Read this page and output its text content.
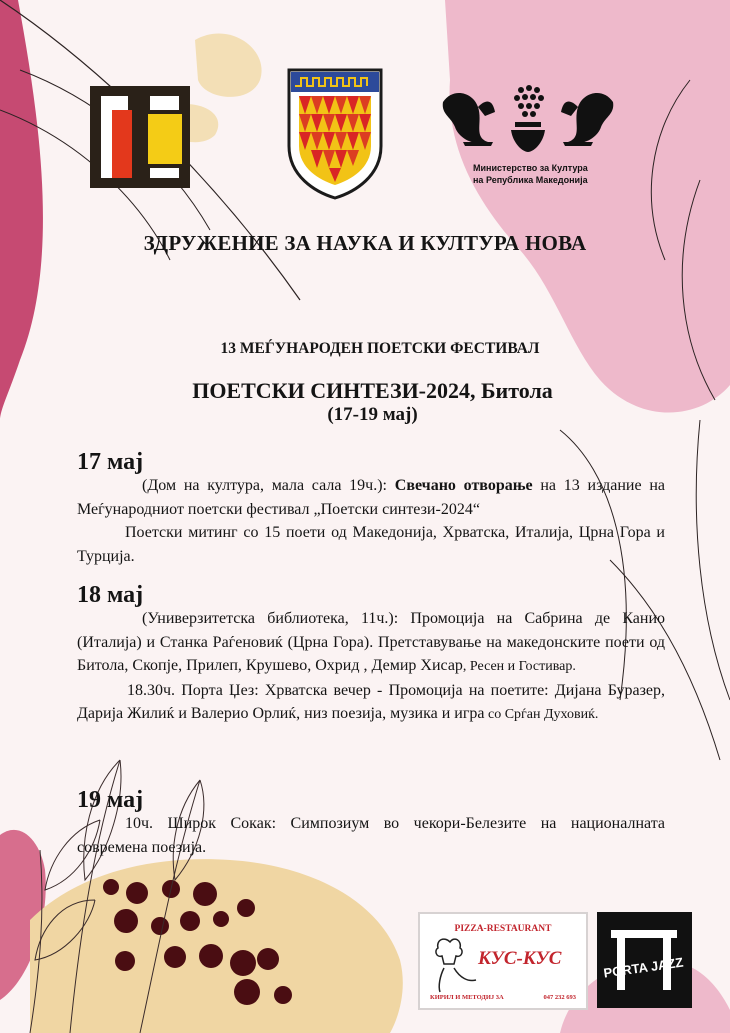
Министерство за Култура
на Република Македонија
ЗДРУЖЕНИЕ ЗА НАУКА И КУЛТУРА НОВА
13 МЕЃУНАРОДЕН ПОЕТСКИ ФЕСТИВАЛ
ПОЕТСКИ СИНТЕЗИ-2024, Битола
(17-19 мај)
17 мај

(Дом на култура, мала сала 19ч.): Свечано отворање на 13 издание на Меѓународниот поетски фестивал „Поетски синтези-2024“

Поетски митинг со 15 поети од Македонија, Хрватска, Италија, Црна Гора и Турција.

18 мај

(Универзитетска библиотека, 11ч.): Промоција на Сабрина де Канио (Италија) и Станка Раѓеновиќ (Црна Гора). Претставување на македонските поети од Битола, Скопје, Прилеп, Крушево, Охрид , Демир Хисар, Ресен и Гостивар.

18.30ч. Порта Џез: Хрватска вечер - Промоција на поетите: Дијана Буразер, Дарија Жилиќ и Валерио Орлиќ, низ поезија, музика и игра со Срѓан Духовиќ.

19 мај

10ч. Широк Сокак: Симпозиум во чекори-Белезите на националната современа поезија.

PIZZA-RESTAURANT
КУС-КУС
КИРИЛ И МЕТОДИЈ 3А	047 232 693
PORTA JAZZ
